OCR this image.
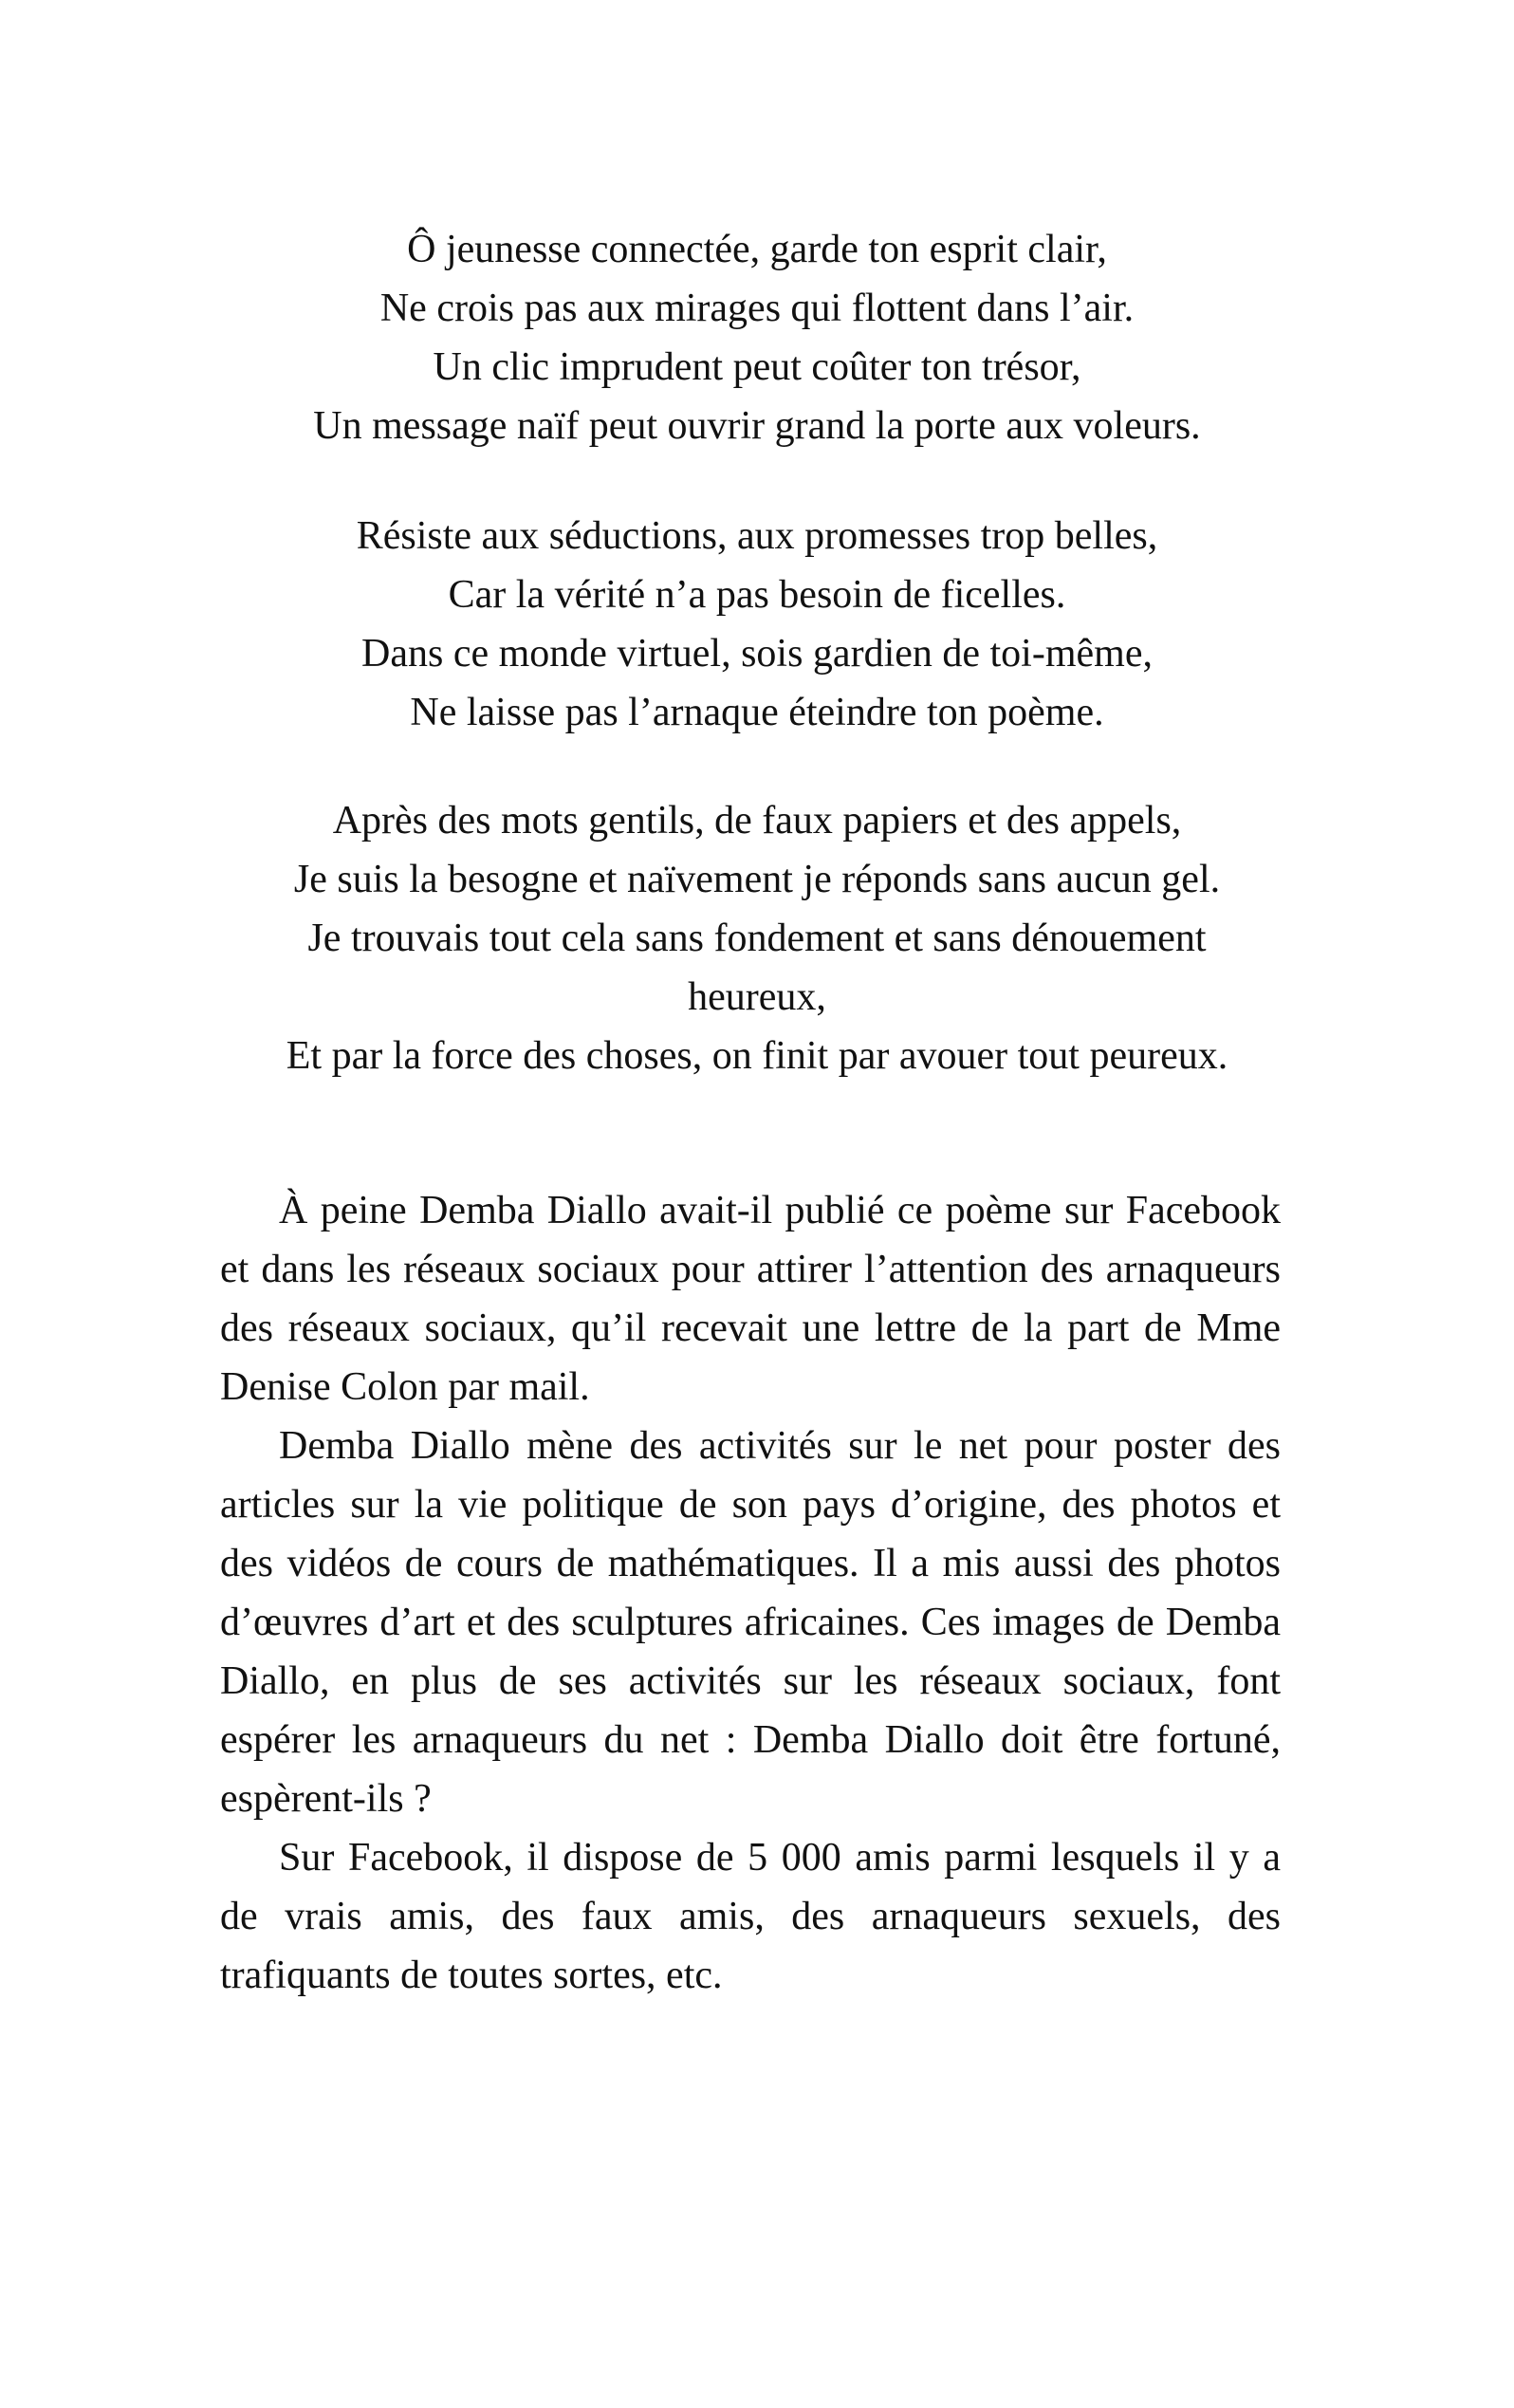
Ô jeunesse connectée, garde ton esprit clair,
Ne crois pas aux mirages qui flottent dans l’air.
Un clic imprudent peut coûter ton trésor,
Un message naïf peut ouvrir grand la porte aux voleurs.
Résiste aux séductions, aux promesses trop belles,
Car la vérité n’a pas besoin de ficelles.
Dans ce monde virtuel, sois gardien de toi-même,
Ne laisse pas l’arnaque éteindre ton poème.
Après des mots gentils, de faux papiers et des appels,
Je suis la besogne et naïvement je réponds sans aucun gel.
Je trouvais tout cela sans fondement et sans dénouement
heureux,
Et par la force des choses, on finit par avouer tout peureux.

À peine Demba Diallo avait-il publié ce poème sur Facebook et dans les réseaux sociaux pour attirer l’attention des arnaqueurs des réseaux sociaux, qu’il recevait une lettre de la part de Mme Denise Colon par mail.

Demba Diallo mène des activités sur le net pour poster des articles sur la vie politique de son pays d’origine, des photos et des vidéos de cours de mathématiques. Il a mis aussi des photos d’œuvres d’art et des sculptures africaines. Ces images de Demba Diallo, en plus de ses activités sur les réseaux sociaux, font espérer les arnaqueurs du net : Demba Diallo doit être fortuné, espèrent-ils ?

Sur Facebook, il dispose de 5 000 amis parmi lesquels il y a de vrais amis, des faux amis, des arnaqueurs sexuels, des trafiquants de toutes sortes, etc.
